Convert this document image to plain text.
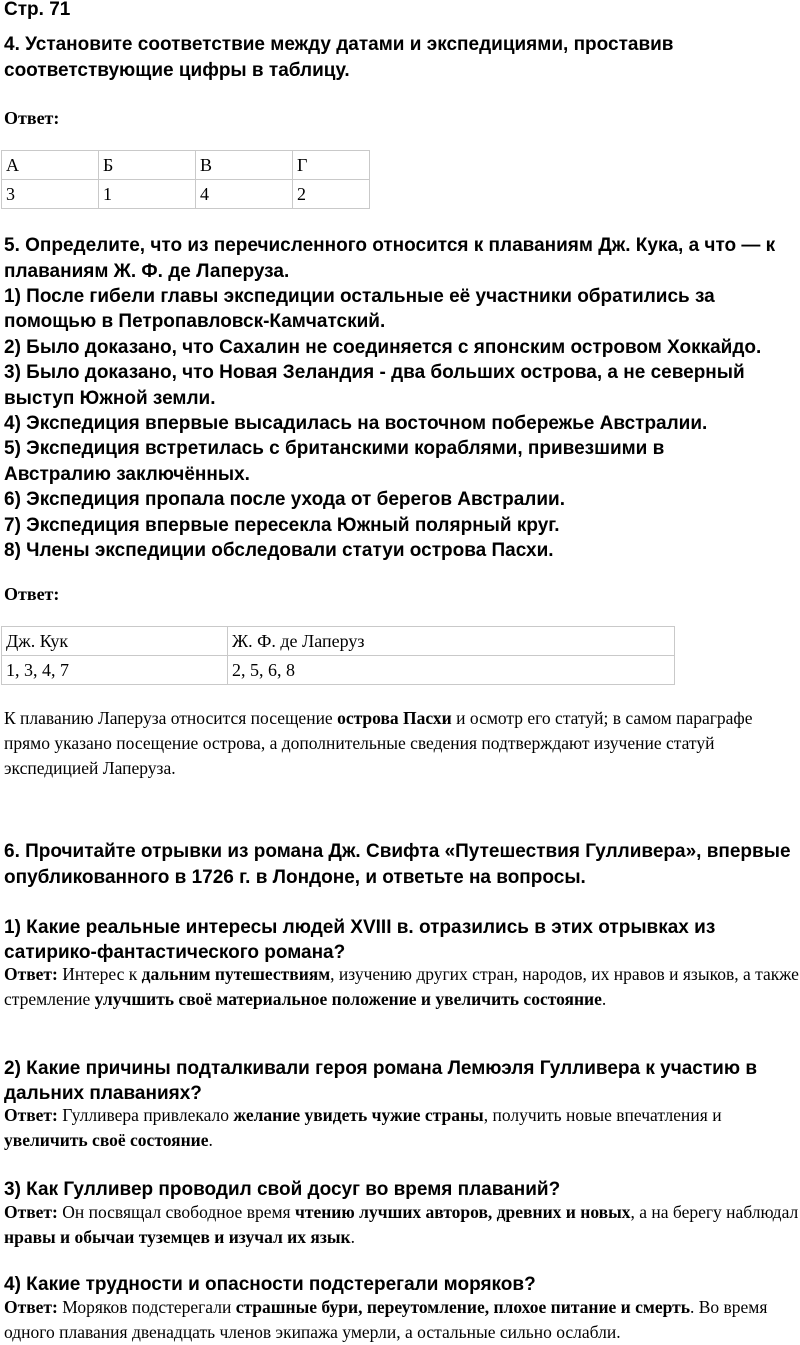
Стр. 71
4. Установите соответствие между датами и экспедициями, проставив соответствующие цифры в таблицу.
Ответ:
А	Б	В	Г
3	1	4	2
5. Определите, что из перечисленного относится к плаваниям Дж. Кука, а что — к плаваниям Ж. Ф. де Лаперуза.
1) После гибели главы экспедиции остальные её участники обратились за
помощью в Петропавловск-Камчатский.
2) Было доказано, что Сахалин не соединяется с японским островом Хоккайдо.
3) Было доказано, что Новая Зеландия - два больших острова, а не северный
выступ Южной земли.
4) Экспедиция впервые высадилась на восточном побережье Австралии.
5) Экспедиция встретилась с британскими кораблями, привезшими в
Австралию заключённых.
6) Экспедиция пропала после ухода от берегов Австралии.
7) Экспедиция впервые пересекла Южный полярный круг.
8) Члены экспедиции обследовали статуи острова Пасхи.
Ответ:
Дж. Кук	Ж. Ф. де Лаперуз
1, 3, 4, 7	2, 5, 6, 8
К плаванию Лаперуза относится посещение острова Пасхи и осмотр его статуй; в самом параграфе прямо указано посещение острова, а дополнительные сведения подтверждают изучение статуй экспедицией Лаперуза.
6. Прочитайте отрывки из романа Дж. Свифта «Путешествия Гулливера», впервые опубликованного в 1726 г. в Лондоне, и ответьте на вопросы.
1) Какие реальные интересы людей XVIII в. отразились в этих отрывках из сатирико-фантастического романа?
Ответ: Интерес к дальним путешествиям, изучению других стран, народов, их нравов и языков, а также стремление улучшить своё материальное положение и увеличить состояние.
2) Какие причины подталкивали героя романа Лемюэля Гулливера к участию в дальних плаваниях?
Ответ: Гулливера привлекало желание увидеть чужие страны, получить новые впечатления и увеличить своё состояние.
3) Как Гулливер проводил свой досуг во время плаваний?
Ответ: Он посвящал свободное время чтению лучших авторов, древних и новых, а на берегу наблюдал нравы и обычаи туземцев и изучал их язык.
4) Какие трудности и опасности подстерегали моряков?
Ответ: Моряков подстерегали страшные бури, переутомление, плохое питание и смерть. Во время одного плавания двенадцать членов экипажа умерли, а остальные сильно ослабли.
